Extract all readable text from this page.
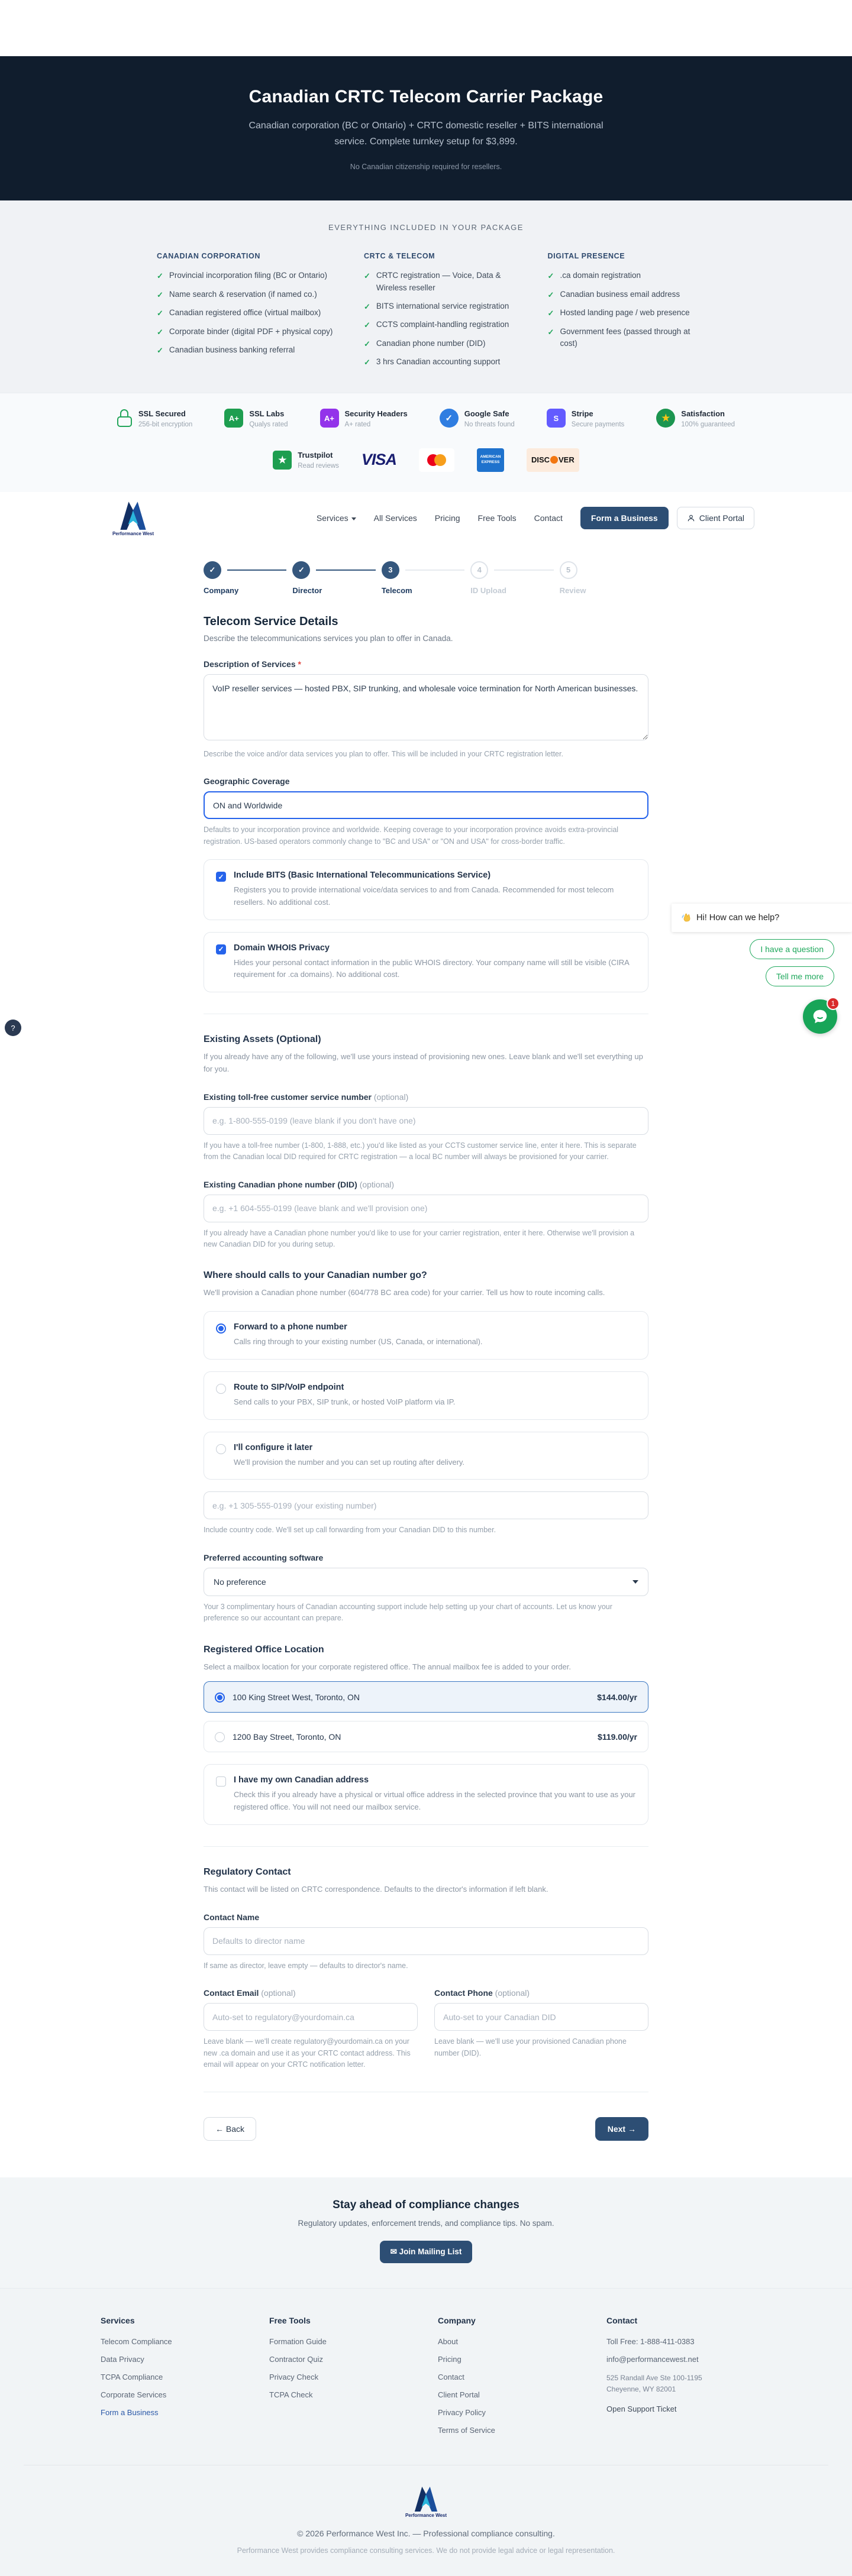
Canadian CRTC Telecom Carrier Package

Canadian corporation (BC or Ontario) + CRTC domestic reseller + BITS international service. Complete turnkey setup for $3,899.

No Canadian citizenship required for resellers.

EVERYTHING INCLUDED IN YOUR PACKAGE
CANADIAN CORPORATION
✓ Provincial incorporation filing (BC or Ontario)
✓ Name search & reservation (if named co.)
✓ Canadian registered office (virtual mailbox)
✓ Corporate binder (digital PDF + physical copy)
✓ Canadian business banking referral
CRTC & TELECOM
✓ CRTC registration — Voice, Data & Wireless reseller
✓ BITS international service registration
✓ CCTS complaint-handling registration
✓ Canadian phone number (DID)
✓ 3 hrs Canadian accounting support
DIGITAL PRESENCE
✓ .ca domain registration
✓ Canadian business email address
✓ Hosted landing page / web presence
✓ Government fees (passed through at cost)
SSL Secured
256-bit encryption
A+
SSL Labs
Qualys rated
A+
Security Headers
A+ rated
✓	Google Safe
No threats found
S
Stripe
Secure payments
★	Satisfaction
100% guaranteed
★	Trustpilot
Read reviews VISA	AMERICAN EXPRESS	DISC VER
Performance West
Services	All Services Pricing Free Tools Contact	Form a Business	Client Portal
✓
Company
✓
Director
3
Telecom
4
ID Upload
5
Review
Telecom Service Details

Describe the telecommunications services you plan to offer in Canada.

Description of Services *
VoIP reseller services — hosted PBX, SIP trunking, and wholesale voice termination for North American businesses.

Describe the voice and/or data services you plan to offer. This will be included in your CRTC registration letter.

Geographic Coverage
ON and Worldwide

Defaults to your incorporation province and worldwide. Keeping coverage to your incorporation province avoids extra-provincial registration. US-based operators commonly change to "BC and USA" or "ON and USA" for cross-border traffic.

✓ Include BITS (Basic International Telecommunications Service)
Registers you to provide international voice/data services to and from Canada. Recommended for most telecom resellers. No additional cost.
✓ Domain WHOIS Privacy
Hides your personal contact information in the public WHOIS directory. Your company name will still be visible (CIRA requirement for .ca domains). No additional cost.
Existing Assets (Optional)

If you already have any of the following, we'll use yours instead of provisioning new ones. Leave blank and we'll set everything up for you.

Existing toll-free customer service number (optional)
e.g. 1-800-555-0199 (leave blank if you don't have one)

If you have a toll-free number (1-800, 1-888, etc.) you'd like listed as your CCTS customer service line, enter it here. This is separate from the Canadian local DID required for CRTC registration — a local BC number will always be provisioned for your carrier.

Existing Canadian phone number (DID) (optional)
e.g. +1 604-555-0199 (leave blank and we'll provision one)

If you already have a Canadian phone number you'd like to use for your carrier registration, enter it here. Otherwise we'll provision a new Canadian DID for you during setup.

Where should calls to your Canadian number go?

We'll provision a Canadian phone number (604/778 BC area code) for your carrier. Tell us how to route incoming calls.

Forward to a phone number
Calls ring through to your existing number (US, Canada, or international).
Route to SIP/VoIP endpoint
Send calls to your PBX, SIP trunk, or hosted VoIP platform via IP.
I'll configure it later
We'll provision the number and you can set up routing after delivery.
e.g. +1 305-555-0199 (your existing number)

Include country code. We'll set up call forwarding from your Canadian DID to this number.

Preferred accounting software
No preference

Your 3 complimentary hours of Canadian accounting support include help setting up your chart of accounts. Let us know your preference so our accountant can prepare.

Registered Office Location

Select a mailbox location for your corporate registered office. The annual mailbox fee is added to your order.

100 King Street West, Toronto, ON	$144.00/yr
1200 Bay Street, Toronto, ON	$119.00/yr
I have my own Canadian address
Check this if you already have a physical or virtual office address in the selected province that you want to use as your registered office. You will not need our mailbox service.
Regulatory Contact

This contact will be listed on CRTC correspondence. Defaults to the director's information if left blank.

Contact Name
Defaults to director name

If same as director, leave empty — defaults to director's name.

Contact Email (optional)
Auto-set to regulatory@yourdomain.ca

Leave blank — we'll create regulatory@yourdomain.ca on your new .ca domain and use it as your CRTC contact address. This email will appear on your CRTC notification letter.

Contact Phone (optional)
Auto-set to your Canadian DID

Leave blank — we'll use your provisioned Canadian phone number (DID).

← Back	Next →
Stay ahead of compliance changes

Regulatory updates, enforcement trends, and compliance tips. No spam.

✉ Join Mailing List
Services
Telecom Compliance
Data Privacy
TCPA Compliance
Corporate Services
Form a Business
Free Tools
Formation Guide
Contractor Quiz
Privacy Check
TCPA Check
Company
About
Pricing
Contact
Client Portal
Privacy Policy
Terms of Service
Contact
Toll Free: 1-888-411-0383
info@performancewest.net
525 Randall Ave Ste 100-1195
Cheyenne, WY 82001
Open Support Ticket
Performance West

© 2026 Performance West Inc. — Professional compliance consulting.

Performance West provides compliance consulting services. We do not provide legal advice or legal representation.

Hi! How can we help?
I have a question
Tell me more
1
?
